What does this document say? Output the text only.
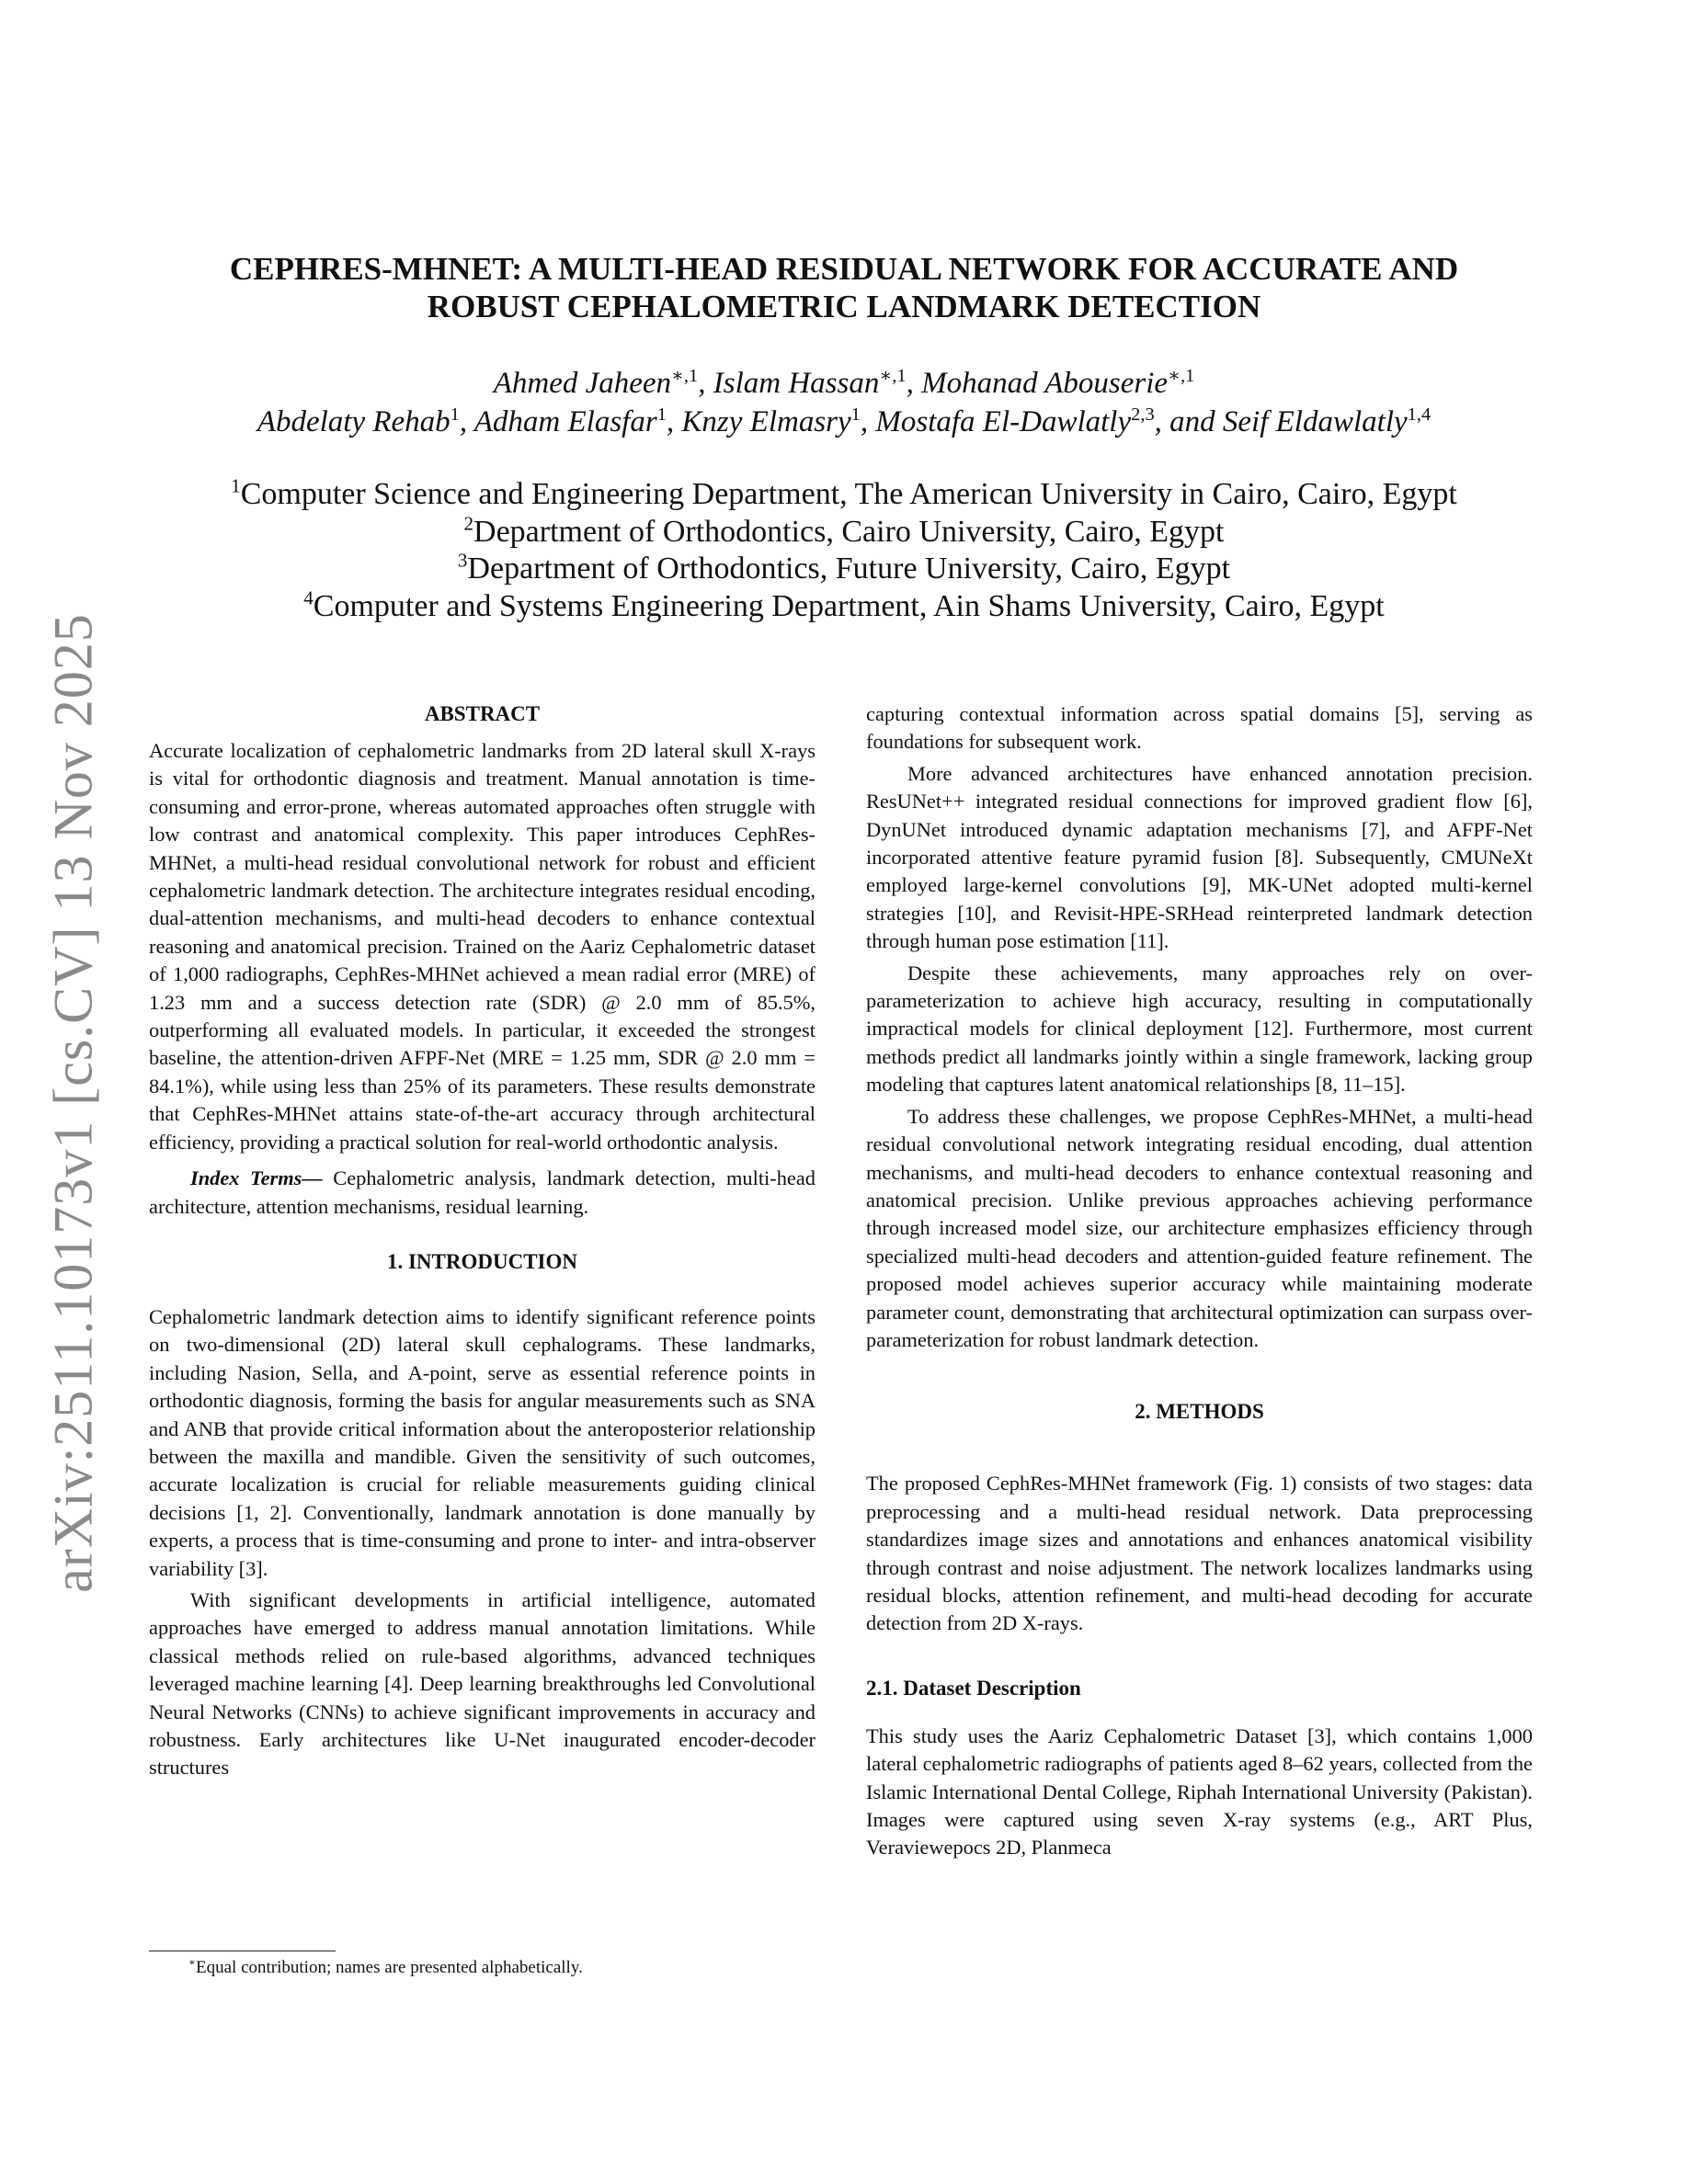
arXiv:2511.10173v1 [cs.CV] 13 Nov 2025
CEPHRES-MHNET: A MULTI-HEAD RESIDUAL NETWORK FOR ACCURATE AND
ROBUST CEPHALOMETRIC LANDMARK DETECTION
Ahmed Jaheen$^{∗,1}$, Islam Hassan$^{∗,1}$, Mohanad Abouserie$^{∗,1}$
Abdelaty Rehab$^1$, Adham Elasfar$^1$, Knzy Elmasry$^1$, Mostafa El-Dawlatly$^{2,3}$, and Seif Eldawlatly$^{1,4}$
$^1$Computer Science and Engineering Department, The American University in Cairo, Cairo, Egypt
$^2$Department of Orthodontics, Cairo University, Cairo, Egypt
$^3$Department of Orthodontics, Future University, Cairo, Egypt
$^4$Computer and Systems Engineering Department, Ain Shams University, Cairo, Egypt
ABSTRACT

Accurate localization of cephalometric landmarks from 2D lateral skull X-rays is vital for orthodontic diagnosis and treatment. Manual annotation is time-consuming and error-prone, whereas automated approaches often struggle with low contrast and anatomical complexity. This paper introduces CephRes-MHNet, a multi-head residual convolutional network for robust and efficient cephalometric landmark detection. The architecture integrates residual encoding, dual-attention mechanisms, and multi-head decoders to enhance contextual reasoning and anatomical precision. Trained on the Aariz Cephalometric dataset of 1,000 radiographs, CephRes-MHNet achieved a mean radial error (MRE) of 1.23 mm and a success detection rate (SDR) @ 2.0 mm of 85.5%, outperforming all evaluated models. In particular, it exceeded the strongest baseline, the attention-driven AFPF-Net (MRE = 1.25 mm, SDR @ 2.0 mm = 84.1%), while using less than 25% of its parameters. These results demonstrate that CephRes-MHNet attains state-of-the-art accuracy through architectural efficiency, providing a practical solution for real-world orthodontic analysis.

Index Terms— Cephalometric analysis, landmark detection, multi-head architecture, attention mechanisms, residual learning.

1. INTRODUCTION

Cephalometric landmark detection aims to identify significant reference points on two-dimensional (2D) lateral skull cephalograms. These landmarks, including Nasion, Sella, and A-point, serve as essential reference points in orthodontic diagnosis, forming the basis for angular measurements such as SNA and ANB that provide critical information about the anteroposterior relationship between the maxilla and mandible. Given the sensitivity of such outcomes, accurate localization is crucial for reliable measurements guiding clinical decisions [1, 2]. Conventionally, landmark annotation is done manually by experts, a process that is time-consuming and prone to inter- and intra-observer variability [3].

With significant developments in artificial intelligence, automated approaches have emerged to address manual annotation limitations. While classical methods relied on rule-based algorithms, advanced techniques leveraged machine learning [4]. Deep learning breakthroughs led Convolutional Neural Networks (CNNs) to achieve significant improvements in accuracy and robustness. Early architectures like U-Net inaugurated encoder-decoder structures

capturing contextual information across spatial domains [5], serving as foundations for subsequent work.

More advanced architectures have enhanced annotation precision. ResUNet++ integrated residual connections for improved gradient flow [6], DynUNet introduced dynamic adaptation mechanisms [7], and AFPF-Net incorporated attentive feature pyramid fusion [8]. Subsequently, CMUNeXt employed large-kernel convolutions [9], MK-UNet adopted multi-kernel strategies [10], and Revisit-HPE-SRHead reinterpreted landmark detection through human pose estimation [11].

Despite these achievements, many approaches rely on over-parameterization to achieve high accuracy, resulting in computationally impractical models for clinical deployment [12]. Furthermore, most current methods predict all landmarks jointly within a single framework, lacking group modeling that captures latent anatomical relationships [8, 11–15].

To address these challenges, we propose CephRes-MHNet, a multi-head residual convolutional network integrating residual encoding, dual attention mechanisms, and multi-head decoders to enhance contextual reasoning and anatomical precision. Unlike previous approaches achieving performance through increased model size, our architecture emphasizes efficiency through specialized multi-head decoders and attention-guided feature refinement. The proposed model achieves superior accuracy while maintaining moderate parameter count, demonstrating that architectural optimization can surpass over-parameterization for robust landmark detection.

2. METHODS

The proposed CephRes-MHNet framework (Fig. 1) consists of two stages: data preprocessing and a multi-head residual network. Data preprocessing standardizes image sizes and annotations and enhances anatomical visibility through contrast and noise adjustment. The network localizes landmarks using residual blocks, attention refinement, and multi-head decoding for accurate detection from 2D X-rays.

2.1. Dataset Description

This study uses the Aariz Cephalometric Dataset [3], which contains 1,000 lateral cephalometric radiographs of patients aged 8–62 years, collected from the Islamic International Dental College, Riphah International University (Pakistan). Images were captured using seven X-ray systems (e.g., ART Plus, Veraviewepocs 2D, Planmeca

∗Equal contribution; names are presented alphabetically.
